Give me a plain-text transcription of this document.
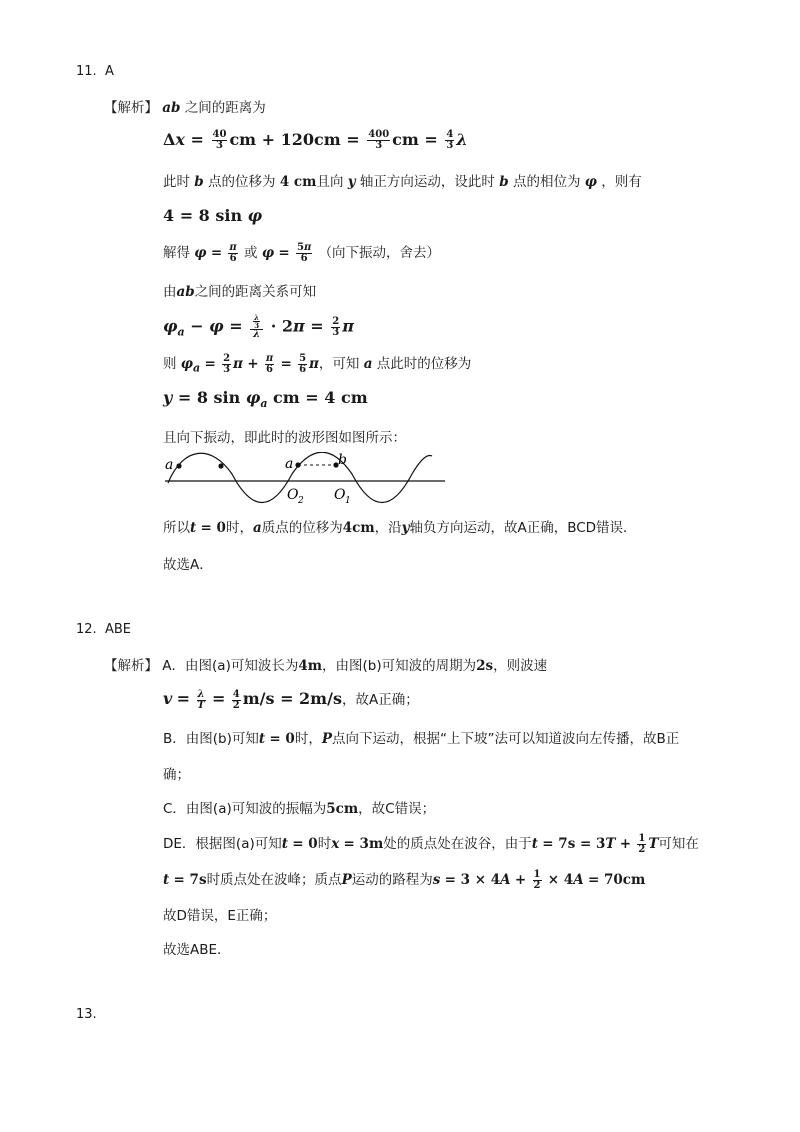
11. A
【解析】 ab 之间的距离为
$\Delta x = \frac{40}{3}$ cm + $120cm = \frac{400}{3}$ cm = $\frac{4}{3}$ λ
此时 b 点的位移为 4 cm且向 y 轴正方向运动，设此时 b 点的相位为 φ ，则有
4 = 8 sin φ
解得 $\varphi = \frac{\pi}{6}$ 或 $\varphi = \frac{5\pi}{6}$ （向下振动，舍去）
由ab之间的距离关系可知
$\varphi_a - \varphi = \frac{\frac{\lambda}{3}}{\lambda} \cdot 2\pi = \frac{2}{3}$ π
则 $\varphi_a = \frac{2}{3}$ $\pi + \frac{\pi}{6} = \frac{5}{6}$ π，可知 a 点此时的位移为
y = 8 $\sin \varphi_a$ cm = 4 cm
且向下振动，即此时的波形图如图所示：
a	a	b
O 2 O 1
所以t = 0时，a质点的位移为4cm，沿y轴负方向运动，故A正确，BCD错误．
故选A．
12. ABE
【解析】 A．由图(a)可知波长为4m，由图(b)可知波的周期为2s，则波速
$v = \frac{\lambda}{T} = \frac{4}{2} m/s = 2m/s$，故A正确；
B．由图(b)可知t = 0时，P点向下运动，根据“上下坡”法可以知道波向左传播，故B正
确；
C．由图(a)可知波的振幅为5cm，故C错误；
DE．根据图(a)可知t = 0时x = 3m处的质点处在波谷，由于$t = 7s = 3T + \frac{1}{2}$ T可知在
t = 7s时质点处在波峰；质点P运动的路程为$s = 3 \times 4A + \frac{1}{2} \times 4A = 70cm$
故D错误，E正确；
故选ABE．
13.
